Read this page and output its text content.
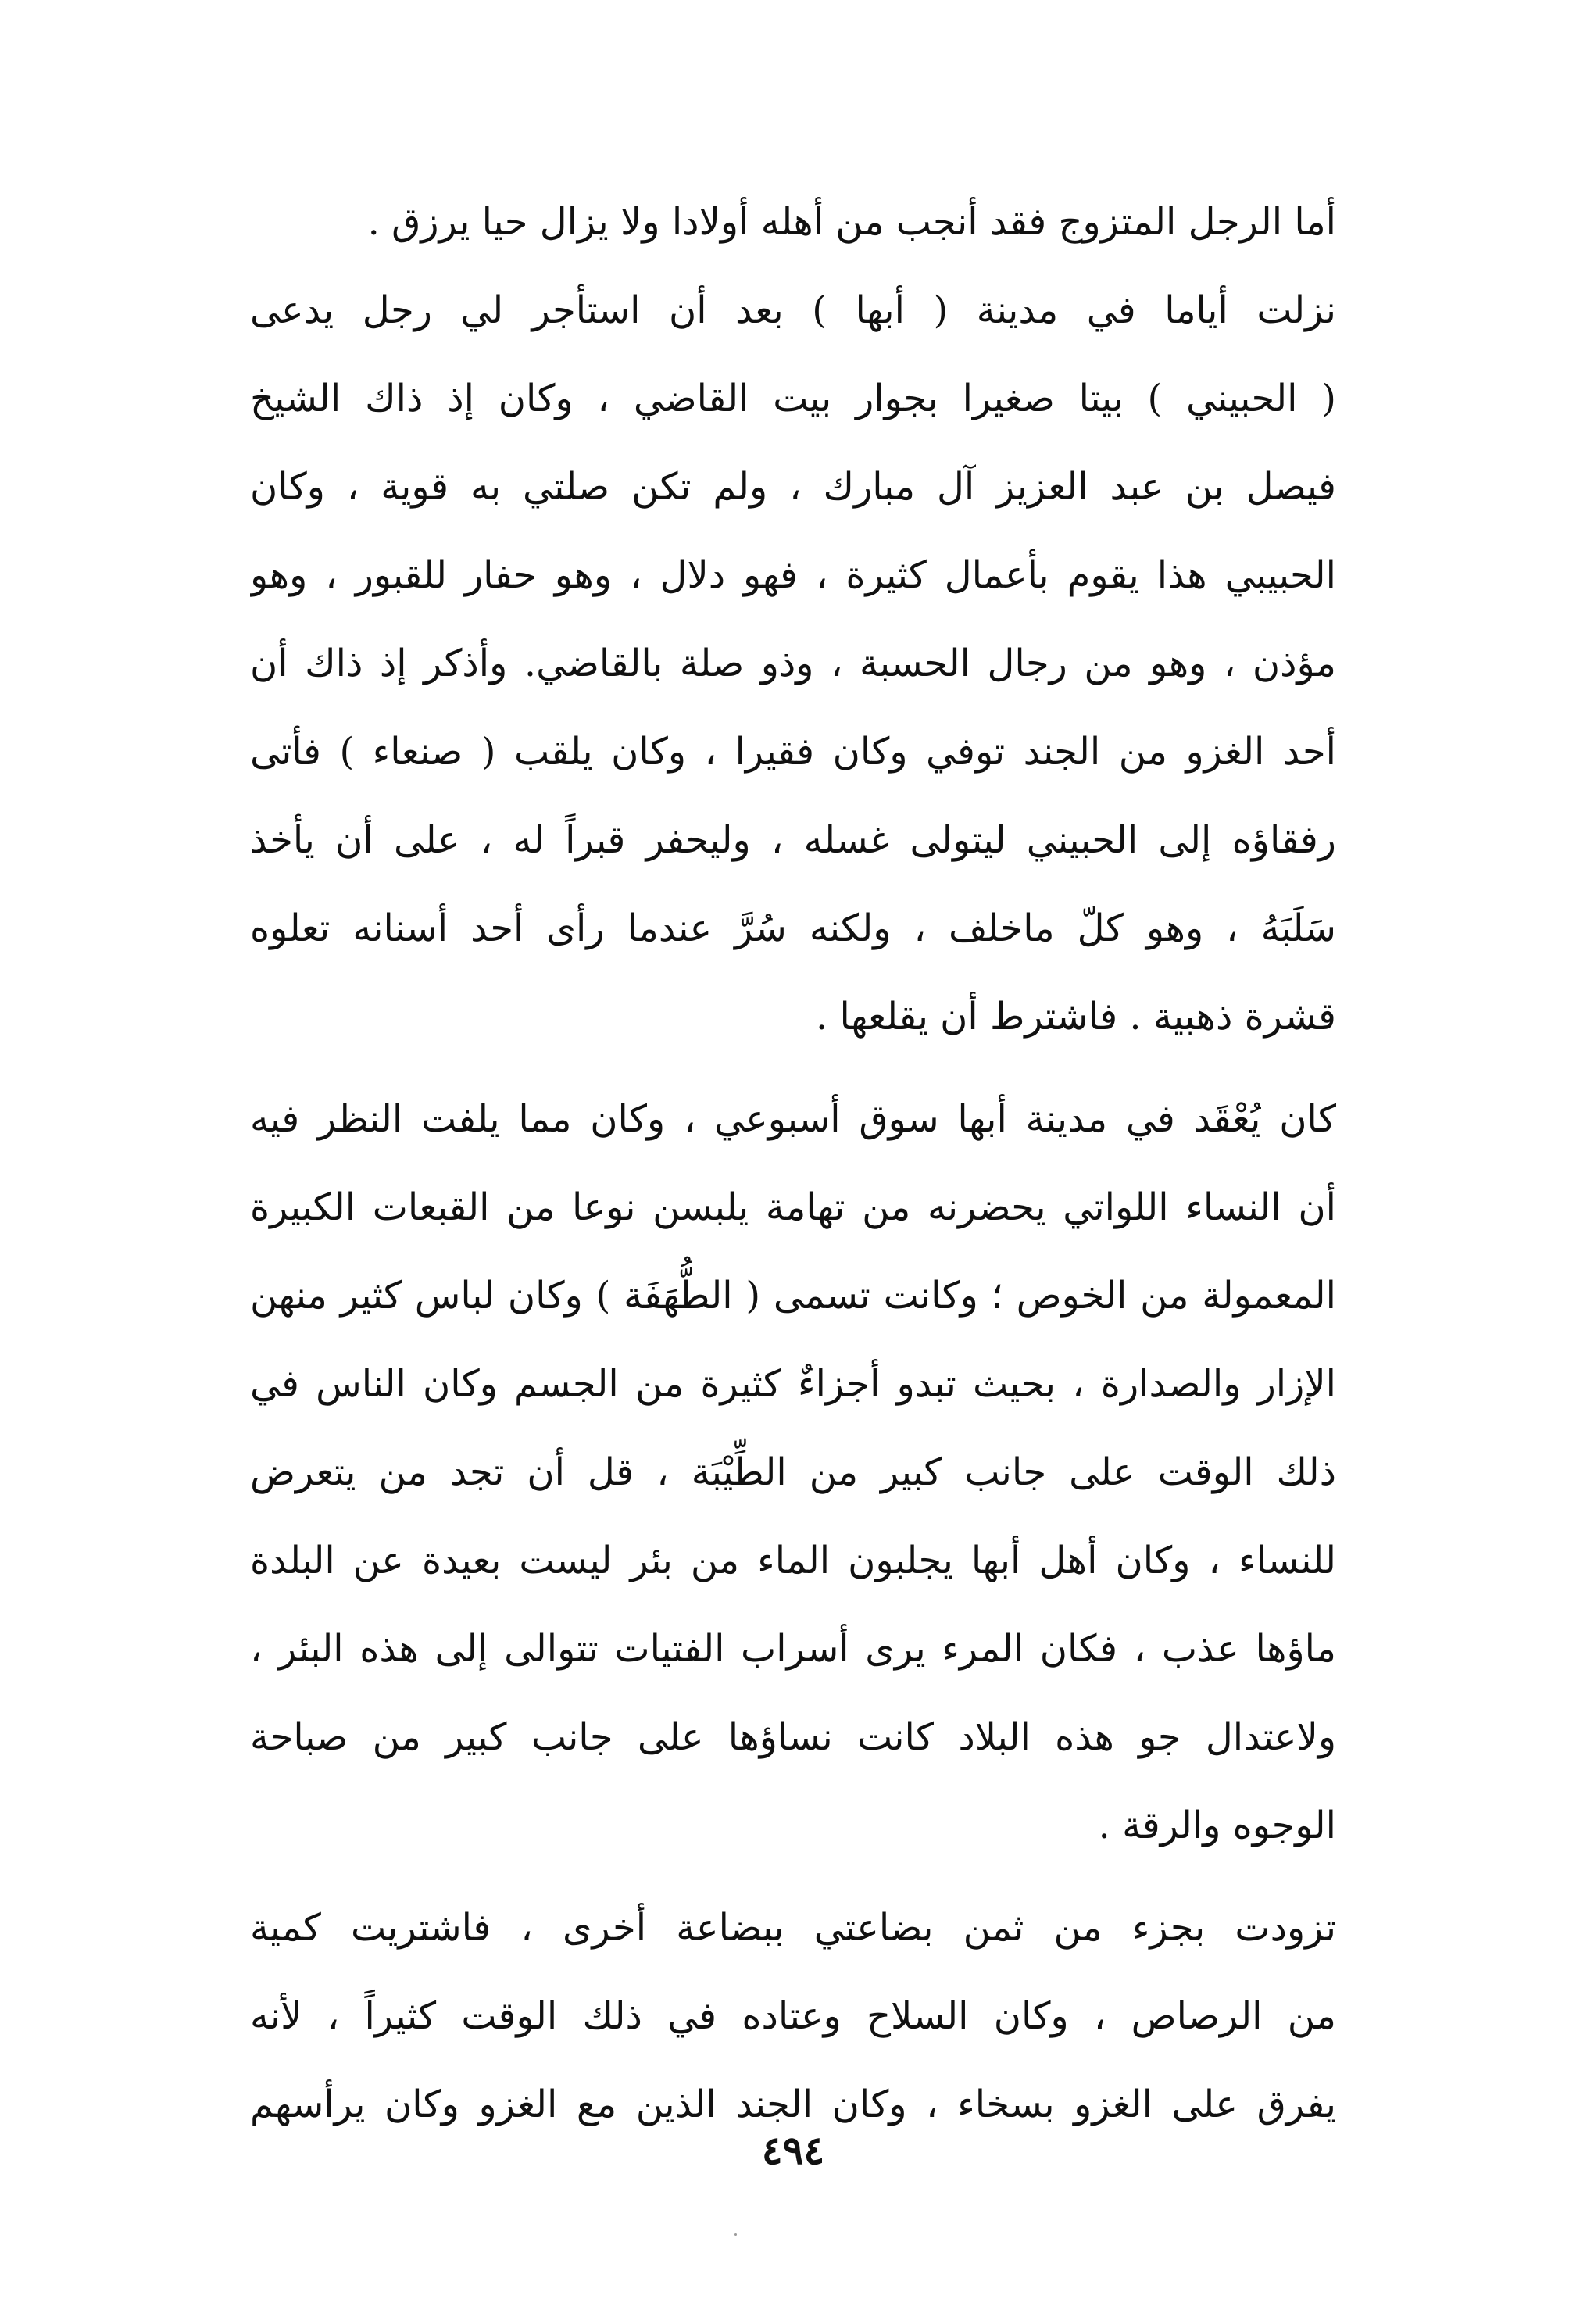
أما الرجل المتزوج فقد أنجب من أهله أولادا ولا يزال حيا يرزق .
نزلت أياما في مدينة ( أبها ) بعد أن استأجر لي رجل يدعى
( الحبيني ) بيتا صغيرا بجوار بيت القاضي ، وكان إذ ذاك الشيخ
فيصل بن عبد العزيز آل مبارك ، ولم تكن صلتي به قوية ، وكان
الحبيبي هذا يقوم بأعمال كثيرة ، فهو دلال ، وهو حفار للقبور ، وهو
مؤذن ، وهو من رجال الحسبة ، وذو صلة بالقاضي. وأذكر إذ ذاك أن
أحد الغزو من الجند توفي وكان فقيرا ، وكان يلقب ( صنعاء ) فأتى
رفقاؤه إلى الحبيني ليتولى غسله ، وليحفر قبراً له ، على أن يأخذ
سَلَبَهُ ، وهو كلّ ماخلف ، ولكنه سُرَّ عندما رأى أحد أسنانه تعلوه
قشرة ذهبية . فاشترط أن يقلعها .
كان يُعْقَد في مدينة أبها سوق أسبوعي ، وكان مما يلفت النظر فيه
أن النساء اللواتي يحضرنه من تهامة يلبسن نوعا من القبعات الكبيرة
المعمولة من الخوص ؛ وكانت تسمى ( الطُّهَفَة ) وكان لباس كثير منهن
الإزار والصدارة ، بحيث تبدو أجزاءٌ كثيرة من الجسم وكان الناس في
ذلك الوقت على جانب كبير من الطِّيْبَة ، قل أن تجد من يتعرض
للنساء ، وكان أهل أبها يجلبون الماء من بئر ليست بعيدة عن البلدة
ماؤها عذب ، فكان المرء يرى أسراب الفتيات تتوالى إلى هذه البئر ،
ولاعتدال جو هذه البلاد كانت نساؤها على جانب كبير من صباحة
الوجوه والرقة .
تزودت بجزء من ثمن بضاعتي ببضاعة أخرى ، فاشتريت كمية
من الرصاص ، وكان السلاح وعتاده في ذلك الوقت كثيراً ، لأنه
يفرق على الغزو بسخاء ، وكان الجند الذين مع الغزو وكان يرأسهم
٤٩٤
